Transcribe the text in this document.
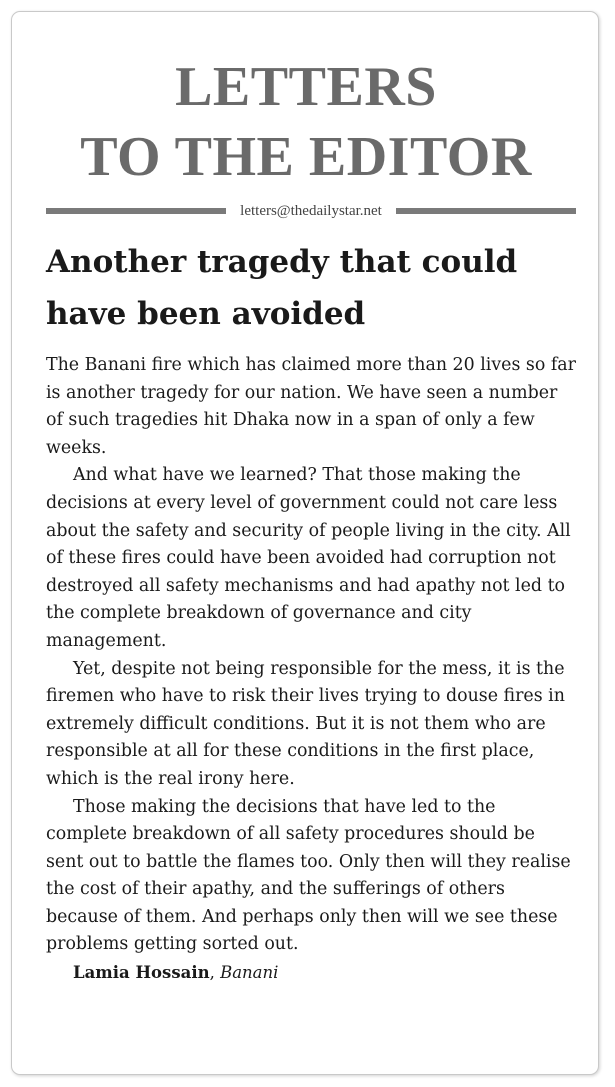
LETTERS
TO THE EDITOR
letters@thedailystar.net
Another tragedy that could have been avoided

The Banani fire which has claimed more than 20 lives so far is another tragedy for our nation. We have seen a number of such tragedies hit Dhaka now in a span of only a few weeks.

And what have we learned? That those making the decisions at every level of government could not care less about the safety and security of people living in the city. All of these fires could have been avoided had corruption not destroyed all safety mechanisms and had apathy not led to the complete breakdown of governance and city management.

Yet, despite not being responsible for the mess, it is the firemen who have to risk their lives trying to douse fires in extremely difficult conditions. But it is not them who are responsible at all for these conditions in the first place, which is the real irony here.

Those making the decisions that have led to the complete breakdown of all safety procedures should be sent out to battle the flames too. Only then will they realise the cost of their apathy, and the sufferings of others because of them. And perhaps only then will we see these problems getting sorted out.

Lamia Hossain, Banani
